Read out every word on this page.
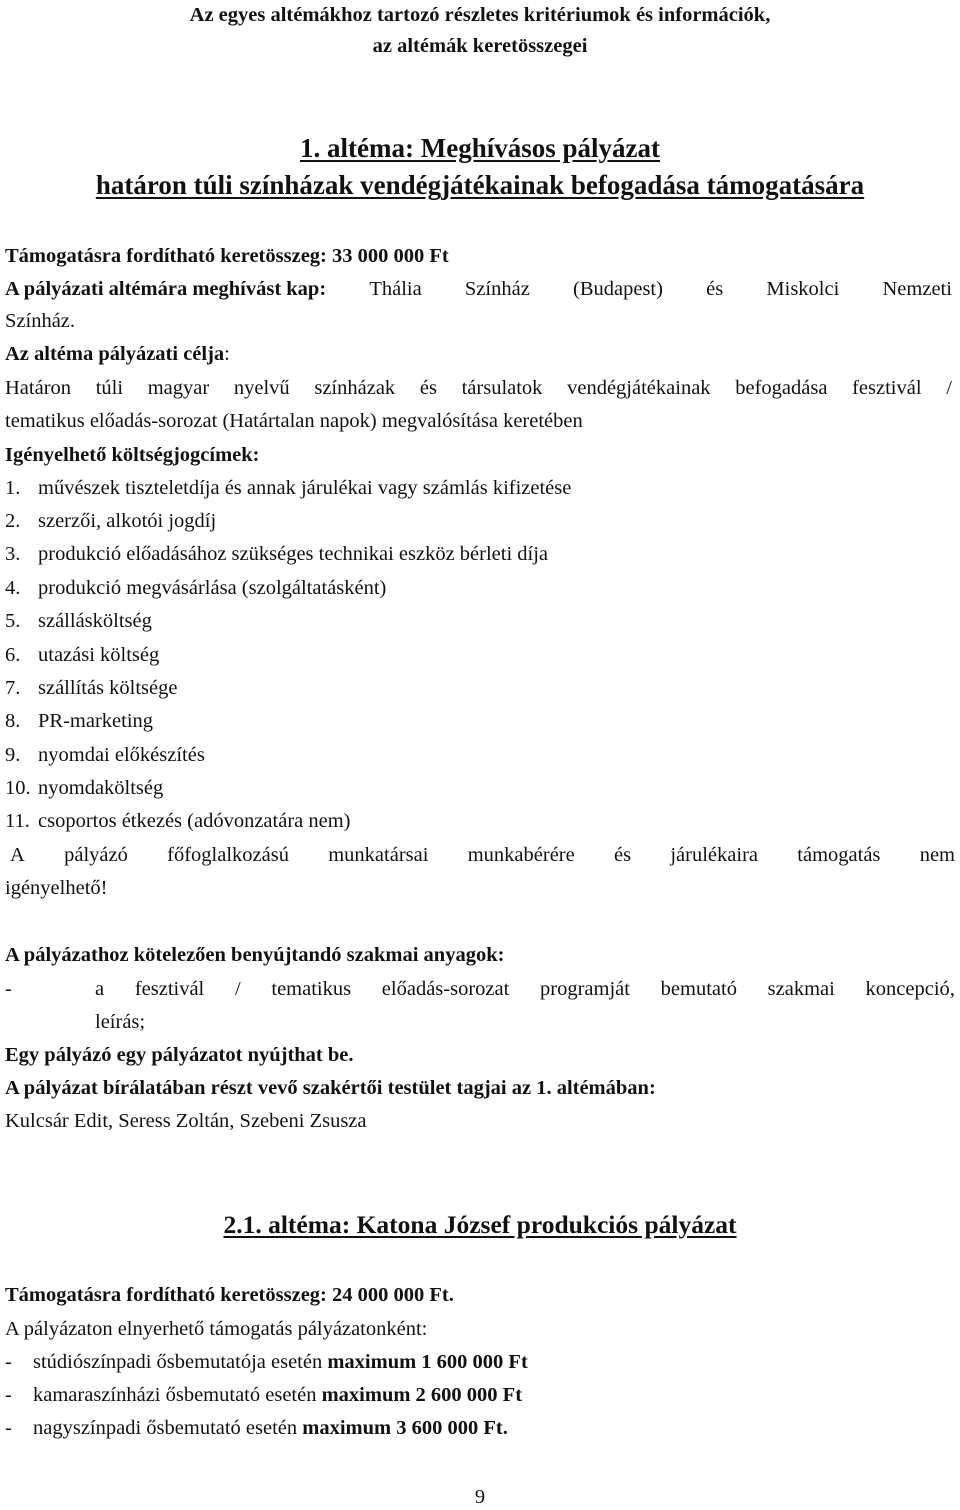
Az egyes altémákhoz tartozó részletes kritériumok és információk,
az altémák keretösszegei
1. altéma: Meghívásos pályázat
határon túli színházak vendégjátékainak befogadása támogatására
Támogatásra fordítható keretösszeg: 33 000 000 Ft
A pályázati altémára meghívást kap: Thália Színház (Budapest) és Miskolci Nemzeti
Színház.
Az altéma pályázati célja:
Határon túli magyar nyelvű színházak és társulatok vendégjátékainak befogadása fesztivál /
tematikus előadás-sorozat (Határtalan napok) megvalósítása keretében
Igényelhető költségjogcímek:
1. művészek tiszteletdíja és annak járulékai vagy számlás kifizetése
2. szerzői, alkotói jogdíj
3. produkció előadásához szükséges technikai eszköz bérleti díja
4. produkció megvásárlása (szolgáltatásként)
5. szállásköltség
6. utazási költség
7. szállítás költsége
8. PR-marketing
9. nyomdai előkészítés
10. nyomdaköltség
11. csoportos étkezés (adóvonzatára nem)
A pályázó főfoglalkozású munkatársai munkabérére és járulékaira támogatás nem
igényelhető!
A pályázathoz kötelezően benyújtandó szakmai anyagok:
-	a fesztivál / tematikus előadás-sorozat programját bemutató szakmai koncepció,
leírás;
Egy pályázó egy pályázatot nyújthat be.
A pályázat bírálatában részt vevő szakértői testület tagjai az 1. altémában:
Kulcsár Edit, Seress Zoltán, Szebeni Zsusza
2.1. altéma: Katona József produkciós pályázat
Támogatásra fordítható keretösszeg: 24 000 000 Ft.
A pályázaton elnyerhető támogatás pályázatonként:
- stúdiószínpadi ősbemutatója esetén maximum 1 600 000 Ft
- kamaraszínházi ősbemutató esetén maximum 2 600 000 Ft
- nagyszínpadi ősbemutató esetén maximum 3 600 000 Ft.
9
